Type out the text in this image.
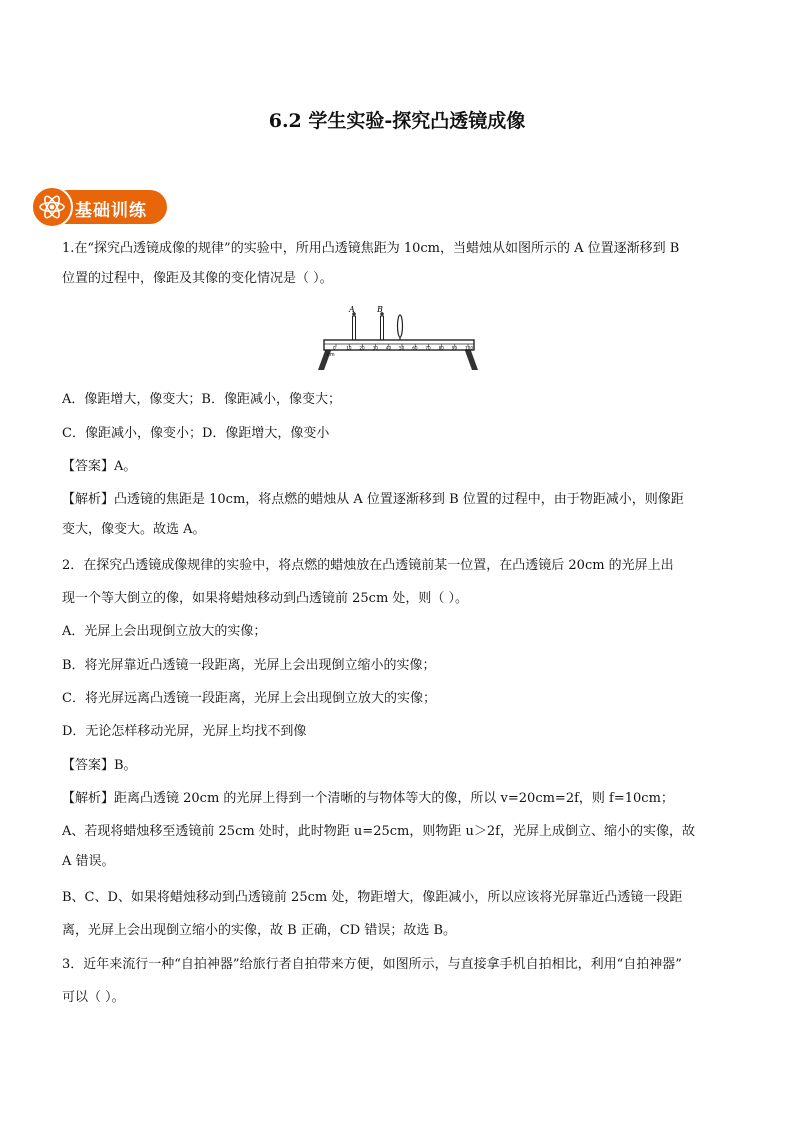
6.2 学生实验-探究凸透镜成像
基础训练
1.在“探究凸透镜成像的规律”的实验中，所用凸透镜焦距为 10cm，当蜡烛从如图所示的 A 位置逐渐移到 B
位置的过程中，像距及其像的变化情况是（ ）。
0	10 20 30 40 50 60 70 80 90 100
A	B
cm
A．像距增大，像变大；B．像距减小，像变大；
C．像距减小，像变小；D．像距增大，像变小
【答案】A。
【解析】凸透镜的焦距是 10cm，将点燃的蜡烛从 A 位置逐渐移到 B 位置的过程中，由于物距减小，则像距
变大，像变大。故选 A。
2．在探究凸透镜成像规律的实验中，将点燃的蜡烛放在凸透镜前某一位置，在凸透镜后 20cm 的光屏上出
现一个等大倒立的像，如果将蜡烛移动到凸透镜前 25cm 处，则（ ）。
A．光屏上会出现倒立放大的实像；
B．将光屏靠近凸透镜一段距离，光屏上会出现倒立缩小的实像；
C．将光屏远离凸透镜一段距离，光屏上会出现倒立放大的实像；
D．无论怎样移动光屏，光屏上均找不到像
【答案】B。
【解析】距离凸透镜 20cm 的光屏上得到一个清晰的与物体等大的像，所以 v=20cm=2f，则 f=10cm；
A、若现将蜡烛移至透镜前 25cm 处时，此时物距 u=25cm，则物距 u＞2f，光屏上成倒立、缩小的实像，故
A 错误。
B、C、D、如果将蜡烛移动到凸透镜前 25cm 处，物距增大，像距减小，所以应该将光屏靠近凸透镜一段距
离，光屏上会出现倒立缩小的实像，故 B 正确，CD 错误；故选 B。
3．近年来流行一种“自拍神器”给旅行者自拍带来方便，如图所示，与直接拿手机自拍相比，利用“自拍神器”
可以（ ）。
